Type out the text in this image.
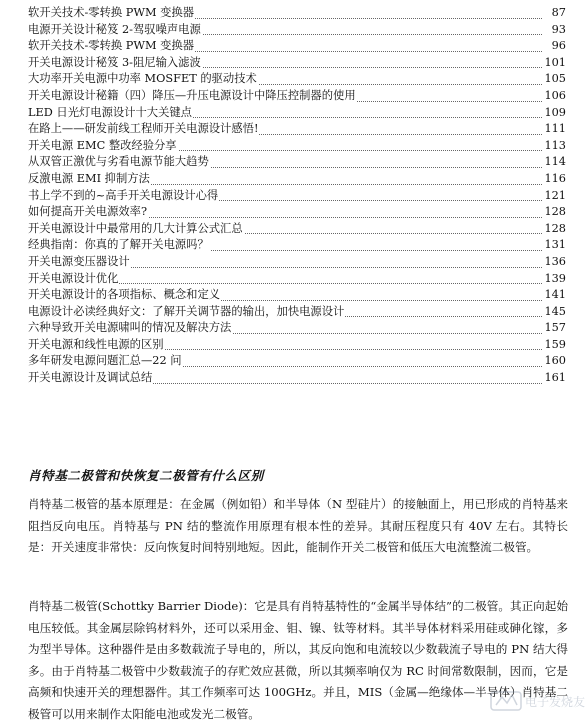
软开关技术-零转换 PWM 变换器	87
电源开关设计秘笈 2-驾驭噪声电源	93
软开关技术-零转换 PWM 变换器	96
开关电源设计秘笈 3-阻尼输入滤波	101
大功率开关电源中功率 MOSFET 的驱动技术	105
开关电源设计秘籍（四）降压—升压电源设计中降压控制器的使用	106
LED 日光灯电源设计十大关键点	109
在路上——研发前线工程师开关电源设计感悟!	111
开关电源 EMC 整改经验分享	113
从双管正激优与劣看电源节能大趋势	114
反激电源 EMI 抑制方法	116
书上学不到的~高手开关电源设计心得	121
如何提高开关电源效率?	128
开关电源设计中最常用的几大计算公式汇总	128
经典指南：你真的了解开关电源吗？	131
开关电源变压器设计	136
开关电源设计优化	139
开关电源设计的各项指标、概念和定义	141
电源设计必读经典好文：了解开关调节器的输出，加快电源设计	145
六种导致开关电源啸叫的情况及解决方法	157
开关电源和线性电源的区别	159
多年研发电源问题汇总—22 问	160
开关电源设计及调试总结	161
肖特基二极管和快恢复二极管有什么区别
肖特基二极管的基本原理是：在金属（例如铅）和半导体（N 型硅片）的接触面上，用已形成的肖特基来阻挡反向电压。肖特基与 PN 结的整流作用原理有根本性的差异。其耐压程度只有 40V 左右。其特长是：开关速度非常快：反向恢复时间特别地短。因此，能制作开关二极管和低压大电流整流二极管。
肖特基二极管(Schottky Barrier Diode)：它是具有肖特基特性的“金属半导体结”的二极管。其正向起始电压较低。其金属层除钨材料外，还可以采用金、钼、镍、钛等材料。其半导体材料采用硅或砷化镓，多为型半导体。这种器件是由多数载流子导电的，所以，其反向饱和电流较以少数载流子导电的 PN 结大得多。由于肖特基二极管中少数载流子的存贮效应甚微，所以其频率响仅为 RC 时间常数限制，因而，它是高频和快速开关的理想器件。其工作频率可达 100GHz。并且，MIS（金属—绝缘体—半导体）肖特基二极管可以用来制作太阳能电池或发光二极管。
电子发烧友
